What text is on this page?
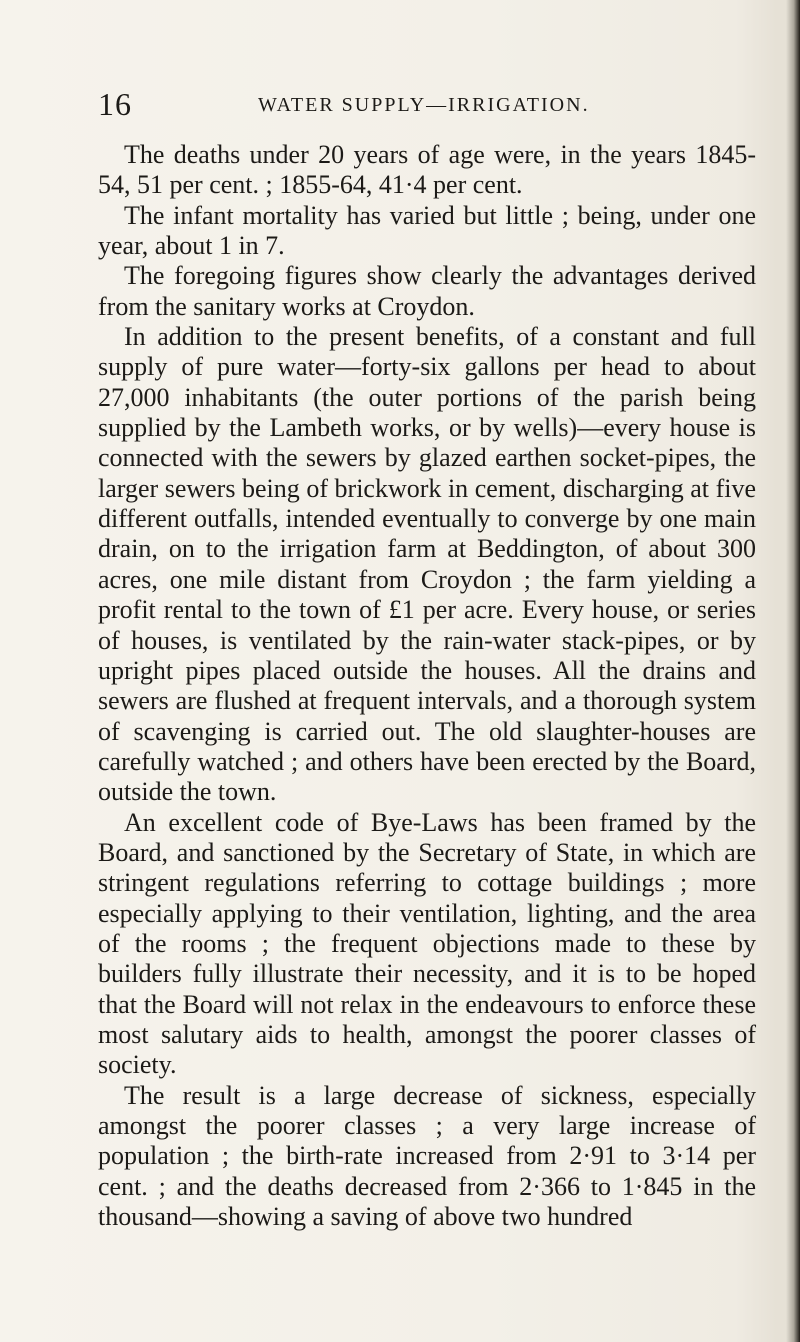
16	WATER SUPPLY—IRRIGATION.

The deaths under 20 years of age were, in the years 1845-54, 51 per cent. ; 1855-64, 41·4 per cent.

The infant mortality has varied but little ; being, under one year, about 1 in 7.

The foregoing figures show clearly the advantages derived from the sanitary works at Croydon.

In addition to the present benefits, of a constant and full supply of pure water—forty-six gallons per head to about 27,000 inhabitants (the outer portions of the parish being supplied by the Lambeth works, or by wells)—every house is connected with the sewers by glazed earthen socket-pipes, the larger sewers being of brickwork in cement, discharging at five different outfalls, intended eventually to converge by one main drain, on to the irrigation farm at Beddington, of about 300 acres, one mile distant from Croydon ; the farm yielding a profit rental to the town of £1 per acre. Every house, or series of houses, is ventilated by the rain-water stack-pipes, or by upright pipes placed outside the houses. All the drains and sewers are flushed at frequent intervals, and a thorough system of scavenging is carried out. The old slaughter-houses are carefully watched ; and others have been erected by the Board, outside the town.

An excellent code of Bye-Laws has been framed by the Board, and sanctioned by the Secretary of State, in which are stringent regulations referring to cottage buildings ; more especially applying to their ventilation, lighting, and the area of the rooms ; the frequent objections made to these by builders fully illustrate their necessity, and it is to be hoped that the Board will not relax in the endeavours to enforce these most salutary aids to health, amongst the poorer classes of society.

The result is a large decrease of sickness, especially amongst the poorer classes ; a very large increase of population ; the birth-rate increased from 2·91 to 3·14 per cent. ; and the deaths decreased from 2·366 to 1·845 in the thousand—showing a saving of above two hundred
